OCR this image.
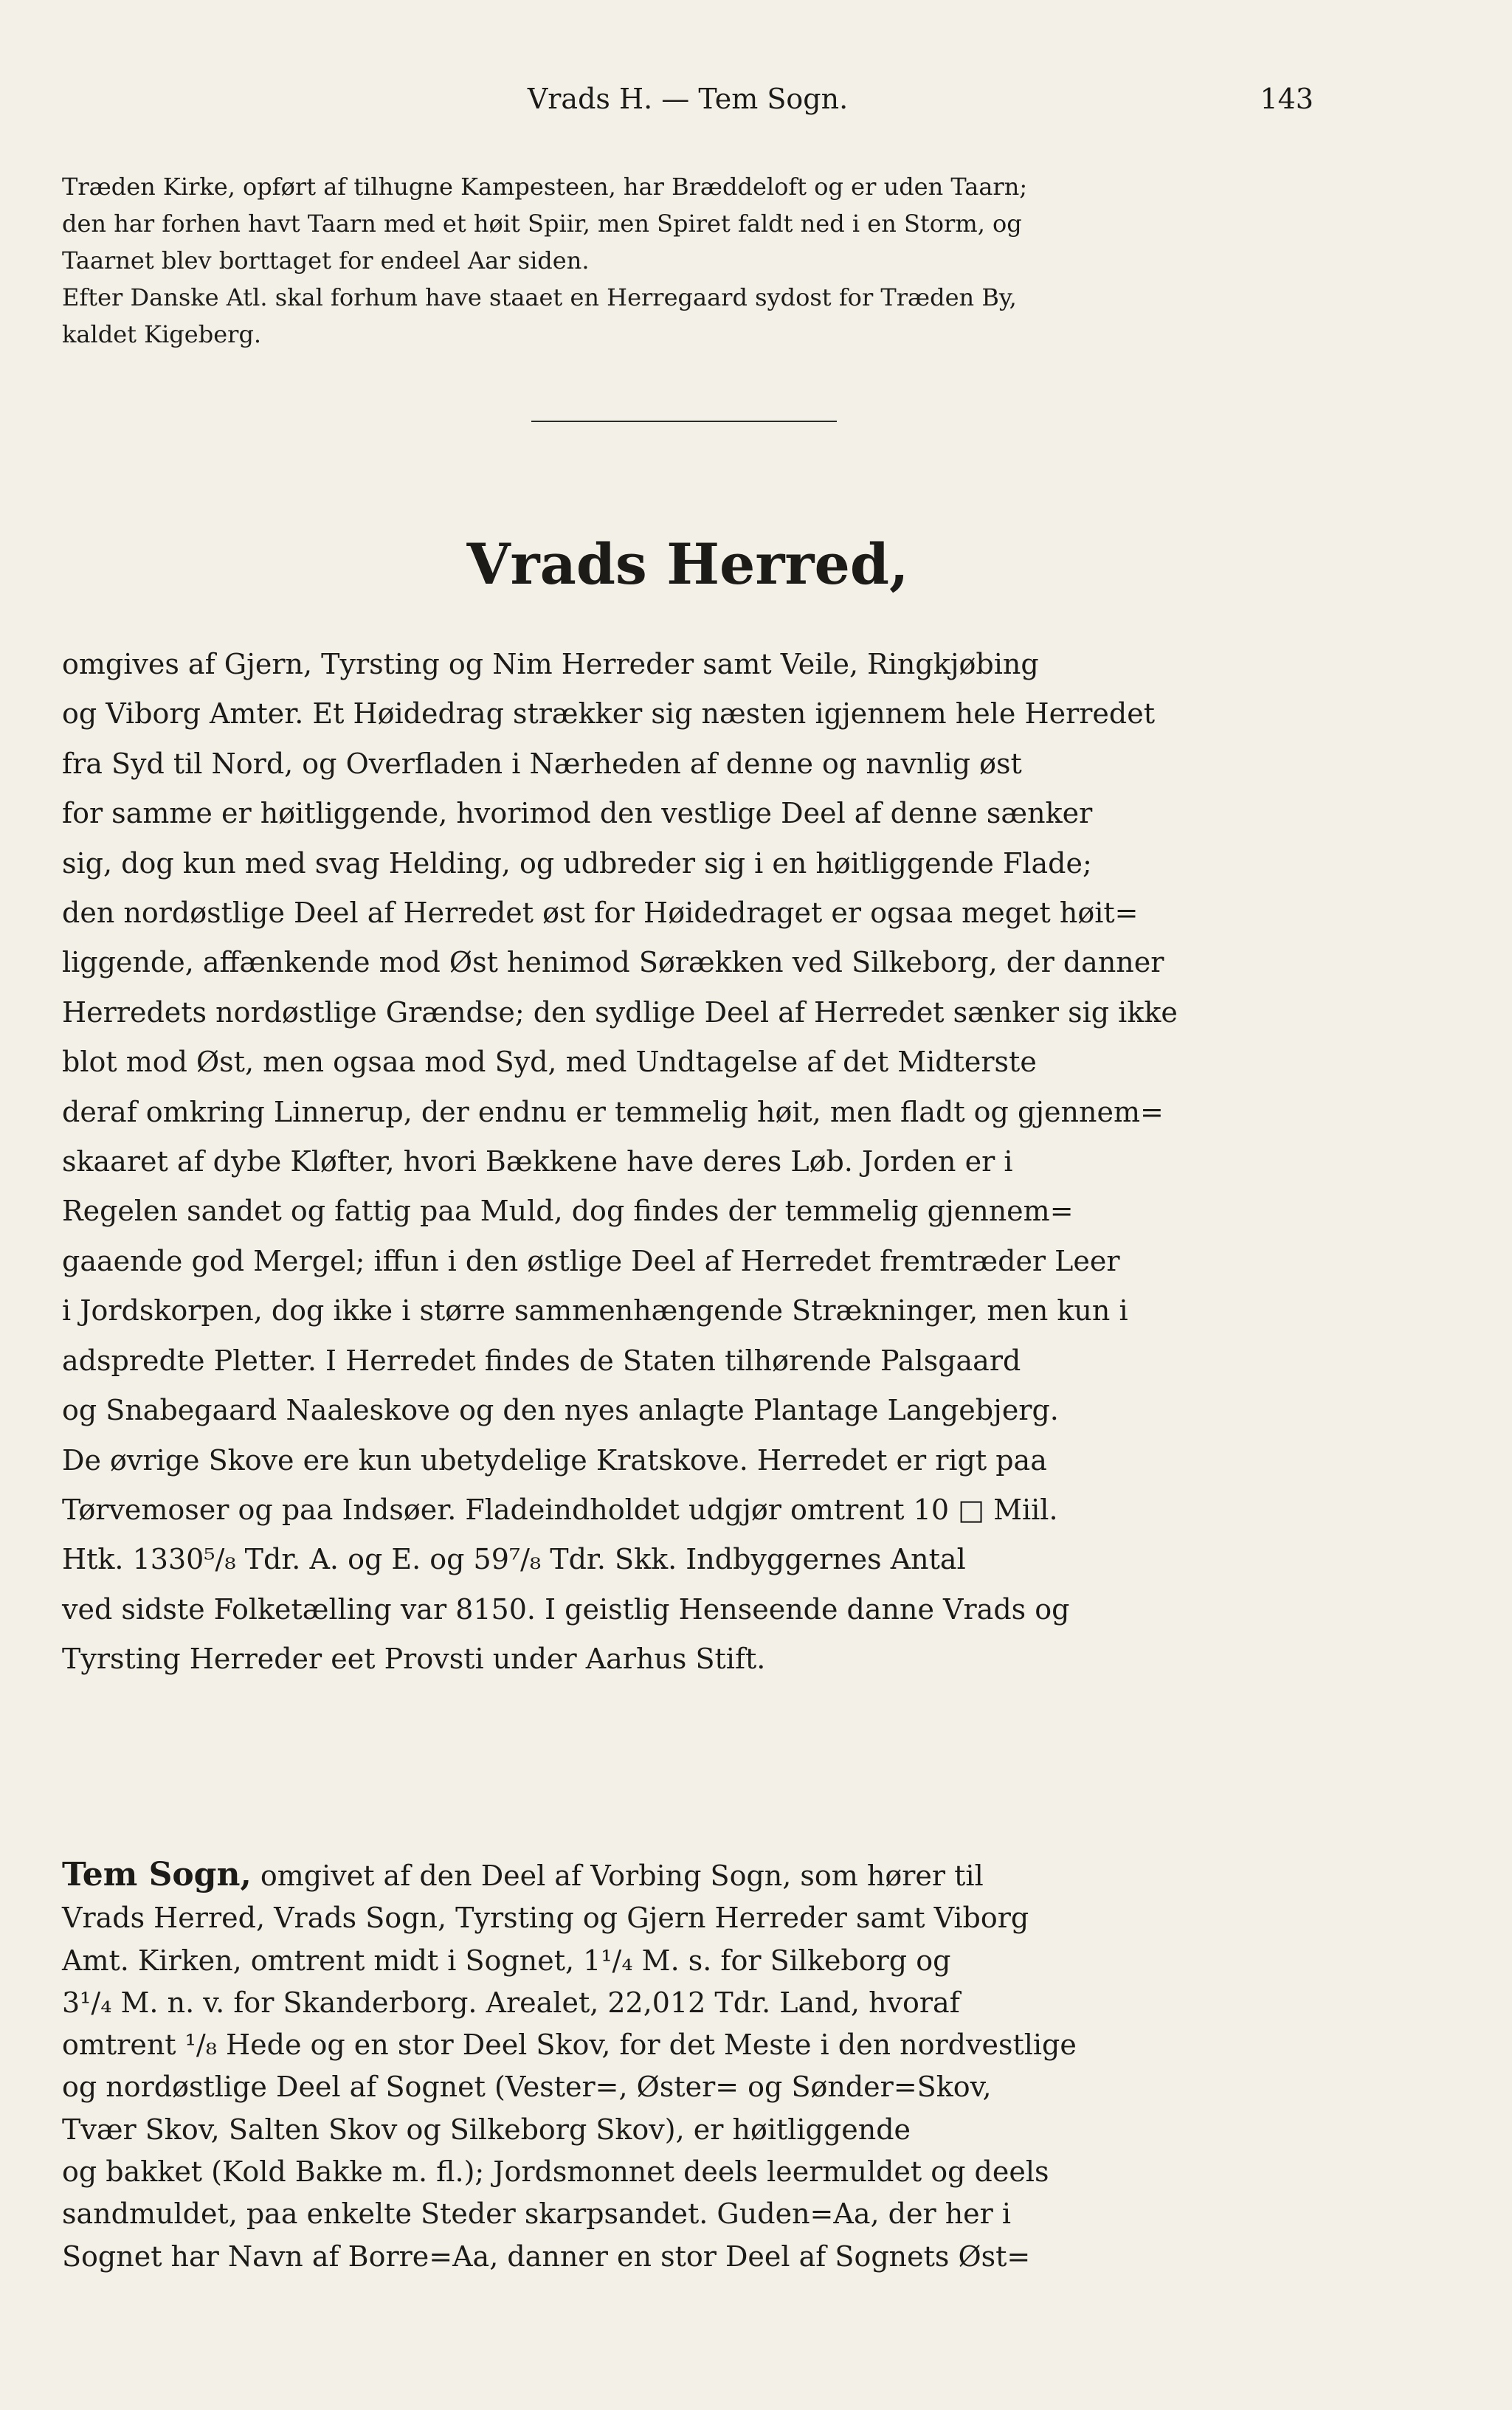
Vrads H. — Tem Sogn.	143
Træden Kirke, opført af tilhugne Kampesteen, har Bræddeloft og er uden Taarn;
den har forhen havt Taarn med et høit Spiir, men Spiret faldt ned i en Storm, og
Taarnet blev borttaget for endeel Aar siden.
Efter Danske Atl. skal forhum have staaet en Herregaard sydost for Træden By,
kaldet Kigeberg.
Vrads Herred,
omgives af Gjern, Tyrsting og Nim Herreder samt Veile, Ringkjøbing
og Viborg Amter. Et Høidedrag strækker sig næsten igjennem hele Herredet
fra Syd til Nord, og Overfladen i Nærheden af denne og navnlig øst
for samme er høitliggende, hvorimod den vestlige Deel af denne sænker
sig, dog kun med svag Helding, og udbreder sig i en høitliggende Flade;
den nordøstlige Deel af Herredet øst for Høidedraget er ogsaa meget høit=
liggende, affænkende mod Øst henimod Sørækken ved Silkeborg, der danner
Herredets nordøstlige Grændse; den sydlige Deel af Herredet sænker sig ikke
blot mod Øst, men ogsaa mod Syd, med Undtagelse af det Midterste
deraf omkring Linnerup, der endnu er temmelig høit, men fladt og gjennem=
skaaret af dybe Kløfter, hvori Bækkene have deres Løb. Jorden er i
Regelen sandet og fattig paa Muld, dog findes der temmelig gjennem=
gaaende god Mergel; iffun i den østlige Deel af Herredet fremtræder Leer
i Jordskorpen, dog ikke i større sammenhængende Strækninger, men kun i
adspredte Pletter. I Herredet findes de Staten tilhørende Palsgaard
og Snabegaard Naaleskove og den nyes anlagte Plantage Langebjerg.
De øvrige Skove ere kun ubetydelige Kratskove. Herredet er rigt paa
Tørvemoser og paa Indsøer. Fladeindholdet udgjør omtrent 10 □ Miil.
Htk. 1330⁵/₈ Tdr. A. og E. og 59⁷/₈ Tdr. Skk. Indbyggernes Antal
ved sidste Folketælling var 8150. I geistlig Henseende danne Vrads og
Tyrsting Herreder eet Provsti under Aarhus Stift.
Tem Sogn, omgivet af den Deel af Vorbing Sogn, som hører til
Vrads Herred, Vrads Sogn, Tyrsting og Gjern Herreder samt Viborg
Amt. Kirken, omtrent midt i Sognet, 1¹/₄ M. s. for Silkeborg og
3¹/₄ M. n. v. for Skanderborg. Arealet, 22,012 Tdr. Land, hvoraf
omtrent ¹/₈ Hede og en stor Deel Skov, for det Meste i den nordvestlige
og nordøstlige Deel af Sognet (Vester=, Øster= og Sønder=Skov,
Tvær Skov, Salten Skov og Silkeborg Skov), er høitliggende
og bakket (Kold Bakke m. fl.); Jordsmonnet deels leermuldet og deels
sandmuldet, paa enkelte Steder skarpsandet. Guden=Aa, der her i
Sognet har Navn af Borre=Aa, danner en stor Deel af Sognets Øst=
